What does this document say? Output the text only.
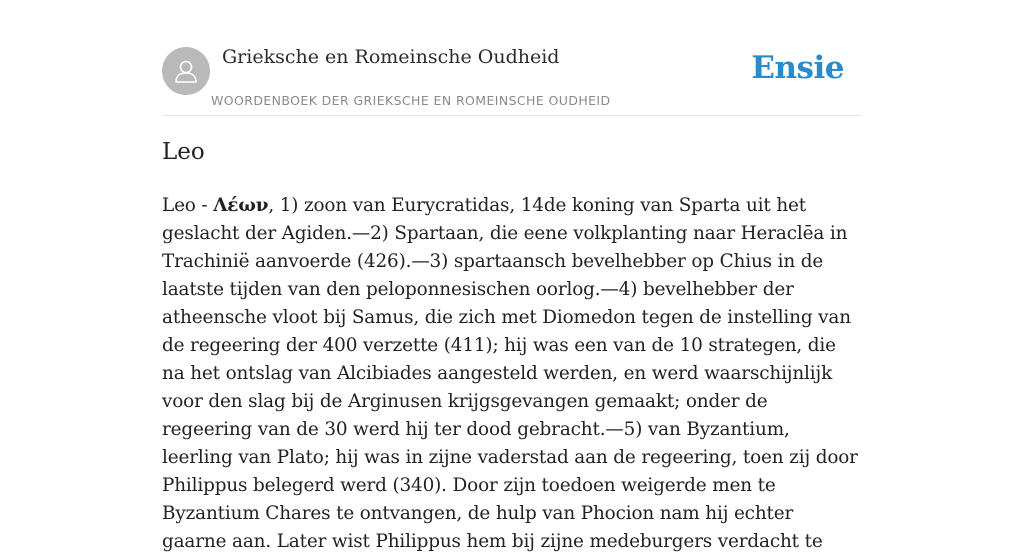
Grieksche en Romeinsche Oudheid
WOORDENBOEK DER GRIEKSCHE EN ROMEINSCHE OUDHEID
Ensie
Leo

Leo - Λέων, 1) zoon van Eurycratidas, 14de koning van Sparta uit het geslacht der Agiden.—2) Spartaan, die eene volkplanting naar Heraclēa in Trachinië aanvoerde (426).—3) spartaansch bevelhebber op Chius in de laatste tijden van den peloponnesischen oorlog.—4) bevelhebber der atheensche vloot bij Samus, die zich met Diomedon tegen de instelling van de regeering der 400 verzette (411); hij was een van de 10 strategen, die na het ontslag van Alcibiades aangesteld werden, en werd waarschijnlijk voor den slag bij de Arginusen krijgsgevangen gemaakt; onder de regeering van de 30 werd hij ter dood gebracht.—5) van Byzantium, leerling van Plato; hij was in zijne vaderstad aan de regeering, toen zij door Philippus belegerd werd (340). Door zijn toedoen weigerde men te Byzantium Chares te ontvangen, de hulp van Phocion nam hij echter gaarne aan. Later wist Philippus hem bij zijne medeburgers verdacht te
